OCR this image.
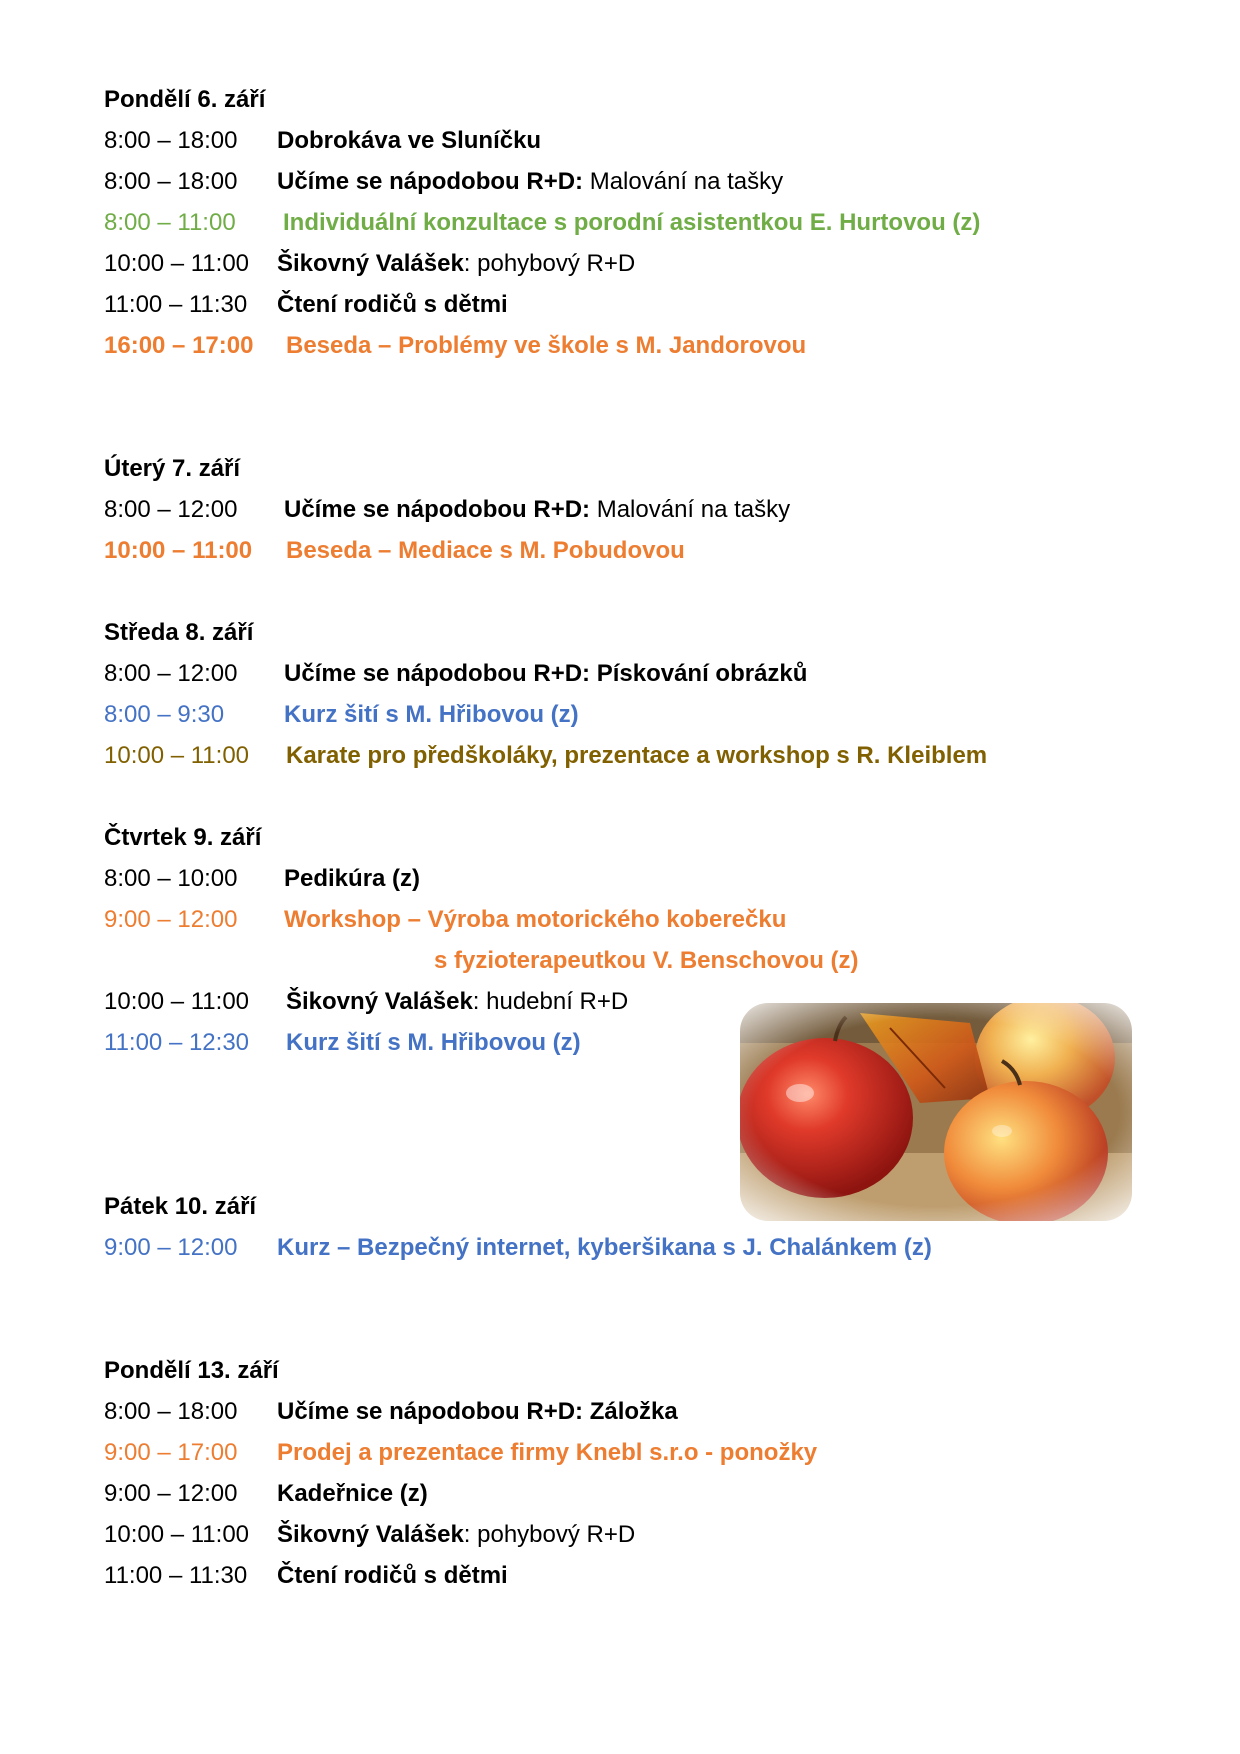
Pondělí 6. září
8:00 – 18:00	Dobrokáva ve Sluníčku
8:00 – 18:00	Učíme se nápodobou R+D: Malování na tašky
8:00 – 11:00	Individuální konzultace s porodní asistentkou E. Hurtovou (z)
10:00 – 11:00	Šikovný Valášek: pohybový R+D
11:00 – 11:30	Čtení rodičů s dětmi
16:00 – 17:00	Beseda – Problémy ve škole s M. Jandorovou
Úterý 7. září
8:00 – 12:00	Učíme se nápodobou R+D: Malování na tašky
10:00 – 11:00	Beseda – Mediace s M. Pobudovou
Středa 8. září
8:00 – 12:00	Učíme se nápodobou R+D: Pískování obrázků
8:00 – 9:30	Kurz šití s M. Hřibovou (z)
10:00 – 11:00	Karate pro předškoláky, prezentace a workshop s R. Kleiblem
Čtvrtek 9. září
8:00 – 10:00	Pedikúra (z)
9:00 – 12:00	Workshop – Výroba motorického koberečku
s fyzioterapeutkou V. Benschovou (z)
10:00 – 11:00	Šikovný Valášek: hudební R+D
11:00 – 12:30	Kurz šití s M. Hřibovou (z)
Pátek 10. září
9:00 – 12:00	Kurz – Bezpečný internet, kyberšikana s J. Chalánkem (z)
Pondělí 13. září
8:00 – 18:00	Učíme se nápodobou R+D: Záložka
9:00 – 17:00	Prodej a prezentace firmy Knebl s.r.o - ponožky
9:00 – 12:00	Kadeřnice (z)
10:00 – 11:00	Šikovný Valášek: pohybový R+D
11:00 – 11:30	Čtení rodičů s dětmi
